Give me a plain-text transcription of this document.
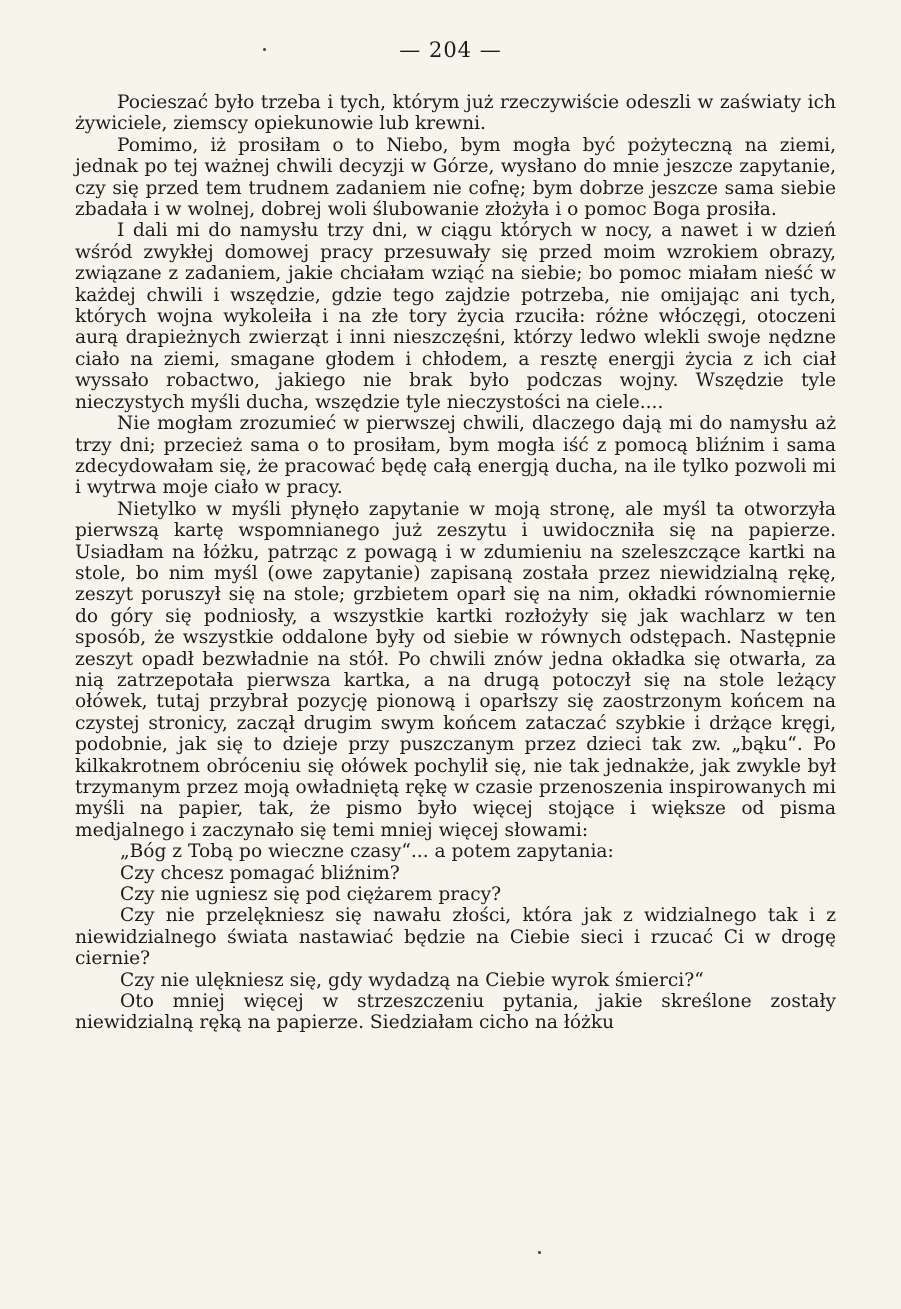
— 204 —

Pocieszać było trzeba i tych, którym już rzeczywiście odeszli w zaświaty ich żywiciele, ziemscy opiekunowie lub krewni.

Pomimo, iż prosiłam o to Niebo, bym mogła być pożyteczną na ziemi, jednak po tej ważnej chwili decyzji w Górze, wysłano do mnie jeszcze zapytanie, czy się przed tem trudnem zadaniem nie cofnę; bym dobrze jeszcze sama siebie zbadała i w wolnej, dobrej woli ślubowanie złożyła i o pomoc Boga prosiła.

I dali mi do namysłu trzy dni, w ciągu których w nocy, a nawet i w dzień wśród zwykłej domowej pracy przesuwały się przed moim wzrokiem obrazy, związane z zadaniem, jakie chciałam wziąć na siebie; bo pomoc miałam nieść w każdej chwili i wszędzie, gdzie tego zajdzie potrzeba, nie omijając ani tych, których wojna wykoleiła i na złe tory życia rzuciła: różne włóczęgi, otoczeni aurą drapieżnych zwierząt i inni nieszczęśni, którzy ledwo wlekli swoje nędzne ciało na ziemi, smagane głodem i chłodem, a resztę energji życia z ich ciał wyssało robactwo, jakiego nie brak było podczas wojny. Wszędzie tyle nieczystych myśli ducha, wszędzie tyle nieczystości na ciele....

Nie mogłam zrozumieć w pierwszej chwili, dlaczego dają mi do namysłu aż trzy dni; przecież sama o to prosiłam, bym mogła iść z pomocą bliźnim i sama zdecydowałam się, że pracować będę całą energją ducha, na ile tylko pozwoli mi i wytrwa moje ciało w pracy.

Nietylko w myśli płynęło zapytanie w moją stronę, ale myśl ta otworzyła pierwszą kartę wspomnianego już zeszytu i uwidoczniła się na papierze. Usiadłam na łóżku, patrząc z powagą i w zdumieniu na szeleszczące kartki na stole, bo nim myśl (owe zapytanie) zapisaną została przez niewidzialną rękę, zeszyt poruszył się na stole; grzbietem oparł się na nim, okładki równomiernie do góry się podniosły, a wszystkie kartki rozłożyły się jak wachlarz w ten sposób, że wszystkie oddalone były od siebie w równych odstępach. Następnie zeszyt opadł bezwładnie na stół. Po chwili znów jedna okładka się otwarła, za nią zatrzepotała pierwsza kartka, a na drugą potoczył się na stole leżący ołówek, tutaj przybrał pozycję pionową i oparłszy się zaostrzonym końcem na czystej stronicy, zaczął drugim swym końcem zataczać szybkie i drżące kręgi, podobnie, jak się to dzieje przy puszczanym przez dzieci tak zw. „bąku“. Po kilkakrotnem obróceniu się ołówek pochylił się, nie tak jednakże, jak zwykle był trzymanym przez moją owładniętą rękę w czasie przenoszenia inspirowanych mi myśli na papier, tak, że pismo było więcej stojące i większe od pisma medjalnego i zaczynało się temi mniej więcej słowami:

„Bóg z Tobą po wieczne czasy“... a potem zapytania:

Czy chcesz pomagać bliźnim?

Czy nie ugniesz się pod ciężarem pracy?

Czy nie przelękniesz się nawału złości, która jak z widzialnego tak i z niewidzialnego świata nastawiać będzie na Ciebie sieci i rzucać Ci w drogę ciernie?

Czy nie ulękniesz się, gdy wydadzą na Ciebie wyrok śmierci?“

Oto mniej więcej w strzeszczeniu pytania, jakie skreślone zostały niewidzialną ręką na papierze. Siedziałam cicho na łóżku
